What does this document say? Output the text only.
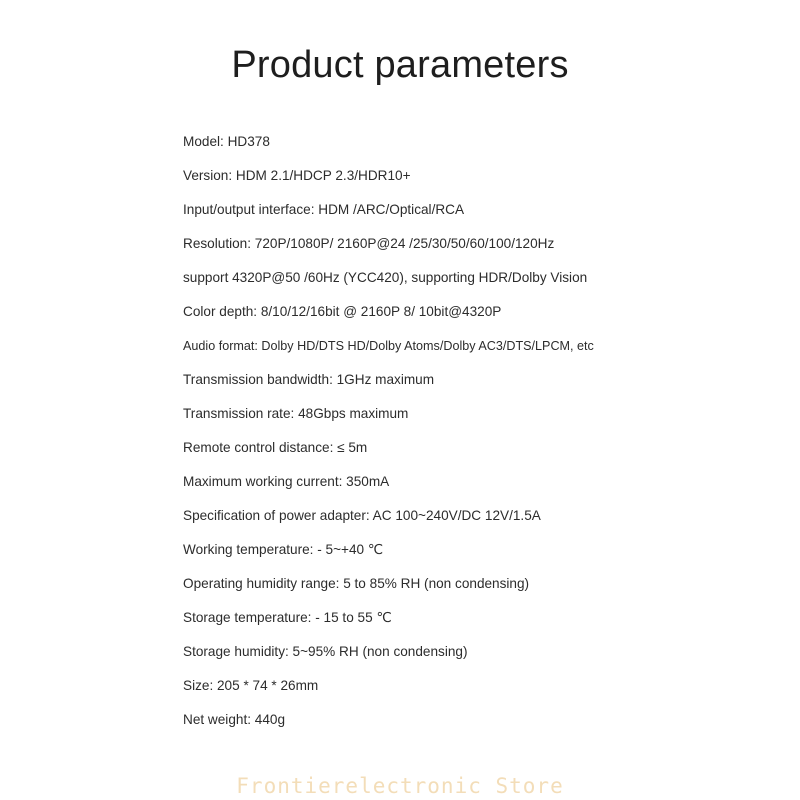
Product parameters
Model: HD378
Version: HDM 2.1/HDCP 2.3/HDR10+
Input/output interface: HDM /ARC/Optical/RCA
Resolution: 720P/1080P/ 2160P@24 /25/30/50/60/100/120Hz
support 4320P@50 /60Hz (YCC420), supporting HDR/Dolby Vision
Color depth: 8/10/12/16bit @ 2160P 8/ 10bit@4320P
Audio format: Dolby HD/DTS HD/Dolby Atoms/Dolby AC3/DTS/LPCM, etc
Transmission bandwidth: 1GHz maximum
Transmission rate: 48Gbps maximum
Remote control distance: ≤ 5m
Maximum working current: 350mA
Specification of power adapter: AC 100~240V/DC 12V/1.5A
Working temperature: - 5~+40 ℃
Operating humidity range: 5 to 85% RH (non condensing)
Storage temperature: - 15 to 55 ℃
Storage humidity: 5~95% RH (non condensing)
Size: 205 * 74 * 26mm
Net weight: 440g
Frontierelectronic Store
